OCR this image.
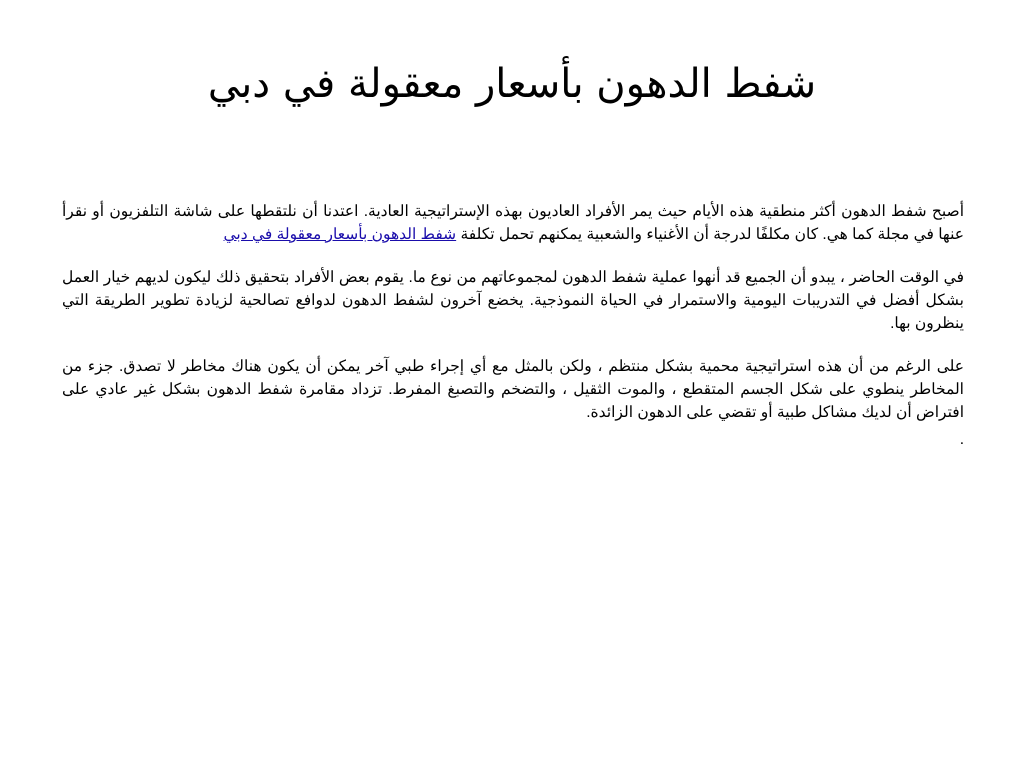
شفط الدهون بأسعار معقولة في دبي

أصبح شفط الدهون أكثر منطقية هذه الأيام حيث يمر الأفراد العاديون بهذه الإستراتيجية العادية. اعتدنا أن نلتقطها على شاشة التلفزيون أو نقرأ عنها في مجلة كما هي. كان مكلفًا لدرجة أن الأغنياء والشعبية يمكنهم تحمل تكلفة شفط الدهون بأسعار معقولة في دبي

في الوقت الحاضر ، يبدو أن الجميع قد أنهوا عملية شفط الدهون لمجموعاتهم من نوع ما. يقوم بعض الأفراد بتحقيق ذلك ليكون لديهم خيار العمل بشكل أفضل في التدريبات اليومية والاستمرار في الحياة النموذجية. يخضع آخرون لشفط الدهون لدوافع تصالحية لزيادة تطوير الطريقة التي ينظرون بها.

على الرغم من أن هذه استراتيجية محمية بشكل منتظم ، ولكن بالمثل مع أي إجراء طبي آخر يمكن أن يكون هناك مخاطر لا تصدق. جزء من المخاطر ينطوي على شكل الجسم المتقطع ، والموت الثقيل ، والتضخم والتصبغ المفرط. تزداد مقامرة شفط الدهون بشكل غير عادي على افتراض أن لديك مشاكل طبية أو تقضي على الدهون الزائدة.

.
